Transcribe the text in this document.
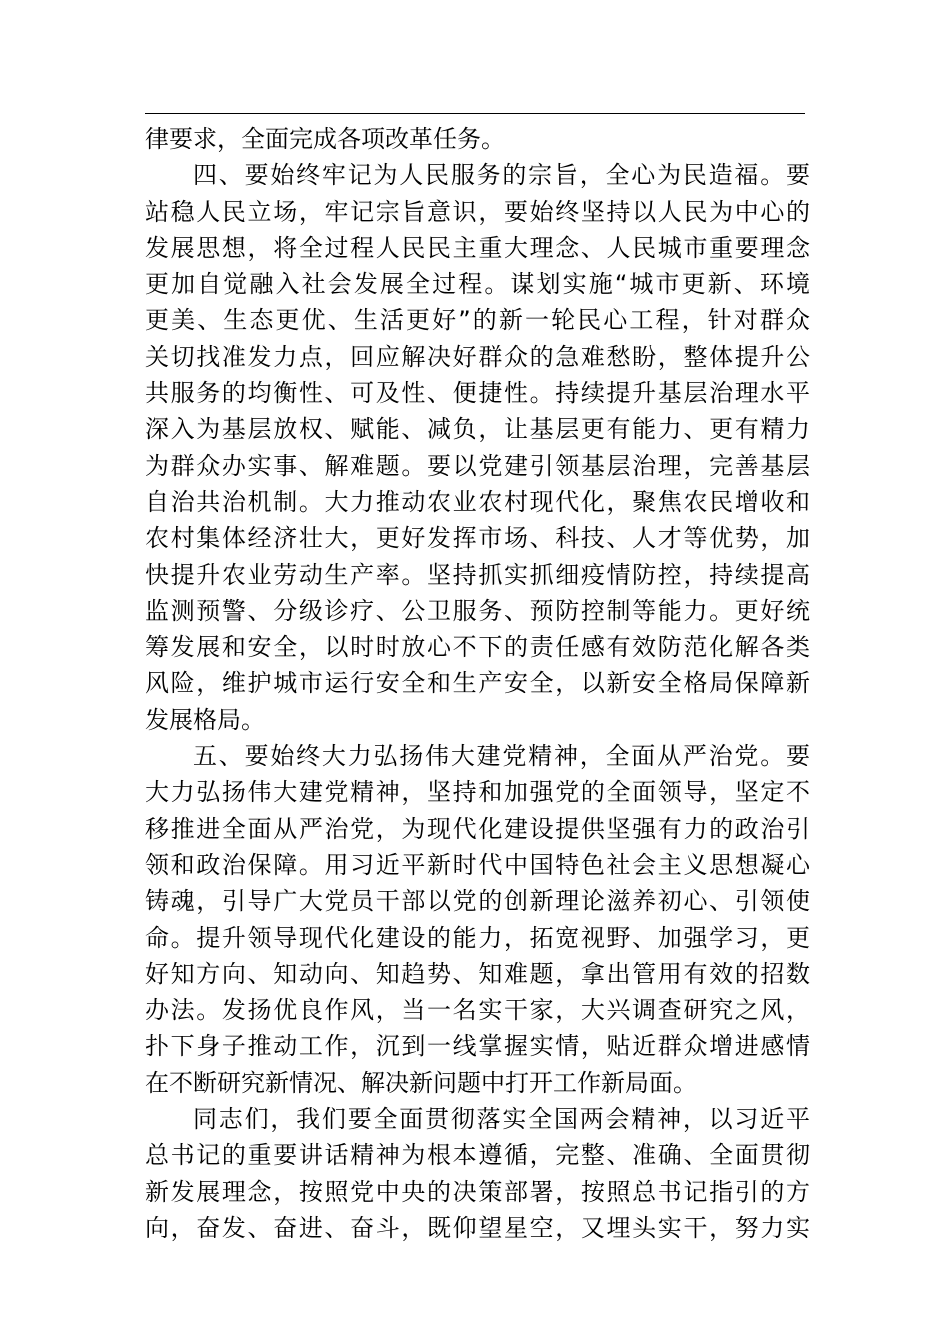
律要求，全面完成各项改革任务。
四、要始终牢记为人民服务的宗旨，全心为民造福。要
站稳人民立场，牢记宗旨意识，要始终坚持以人民为中心的
发展思想，将全过程人民民主重大理念、人民城市重要理念
更加自觉融入社会发展全过程。谋划实施“城市更新、环境
更美、生态更优、生活更好”的新一轮民心工程，针对群众
关切找准发力点，回应解决好群众的急难愁盼，整体提升公
共服务的均衡性、可及性、便捷性。持续提升基层治理水平
深入为基层放权、赋能、减负，让基层更有能力、更有精力
为群众办实事、解难题。要以党建引领基层治理，完善基层
自治共治机制。大力推动农业农村现代化，聚焦农民增收和
农村集体经济壮大，更好发挥市场、科技、人才等优势，加
快提升农业劳动生产率。坚持抓实抓细疫情防控，持续提高
监测预警、分级诊疗、公卫服务、预防控制等能力。更好统
筹发展和安全，以时时放心不下的责任感有效防范化解各类
风险，维护城市运行安全和生产安全，以新安全格局保障新
发展格局。
五、要始终大力弘扬伟大建党精神，全面从严治党。要
大力弘扬伟大建党精神，坚持和加强党的全面领导，坚定不
移推进全面从严治党，为现代化建设提供坚强有力的政治引
领和政治保障。用习近平新时代中国特色社会主义思想凝心
铸魂，引导广大党员干部以党的创新理论滋养初心、引领使
命。提升领导现代化建设的能力，拓宽视野、加强学习，更
好知方向、知动向、知趋势、知难题，拿出管用有效的招数
办法。发扬优良作风，当一名实干家，大兴调查研究之风，
扑下身子推动工作，沉到一线掌握实情，贴近群众增进感情
在不断研究新情况、解决新问题中打开工作新局面。
同志们，我们要全面贯彻落实全国两会精神，以习近平
总书记的重要讲话精神为根本遵循，完整、准确、全面贯彻
新发展理念，按照党中央的决策部署，按照总书记指引的方
向，奋发、奋进、奋斗，既仰望星空，又埋头实干，努力实
